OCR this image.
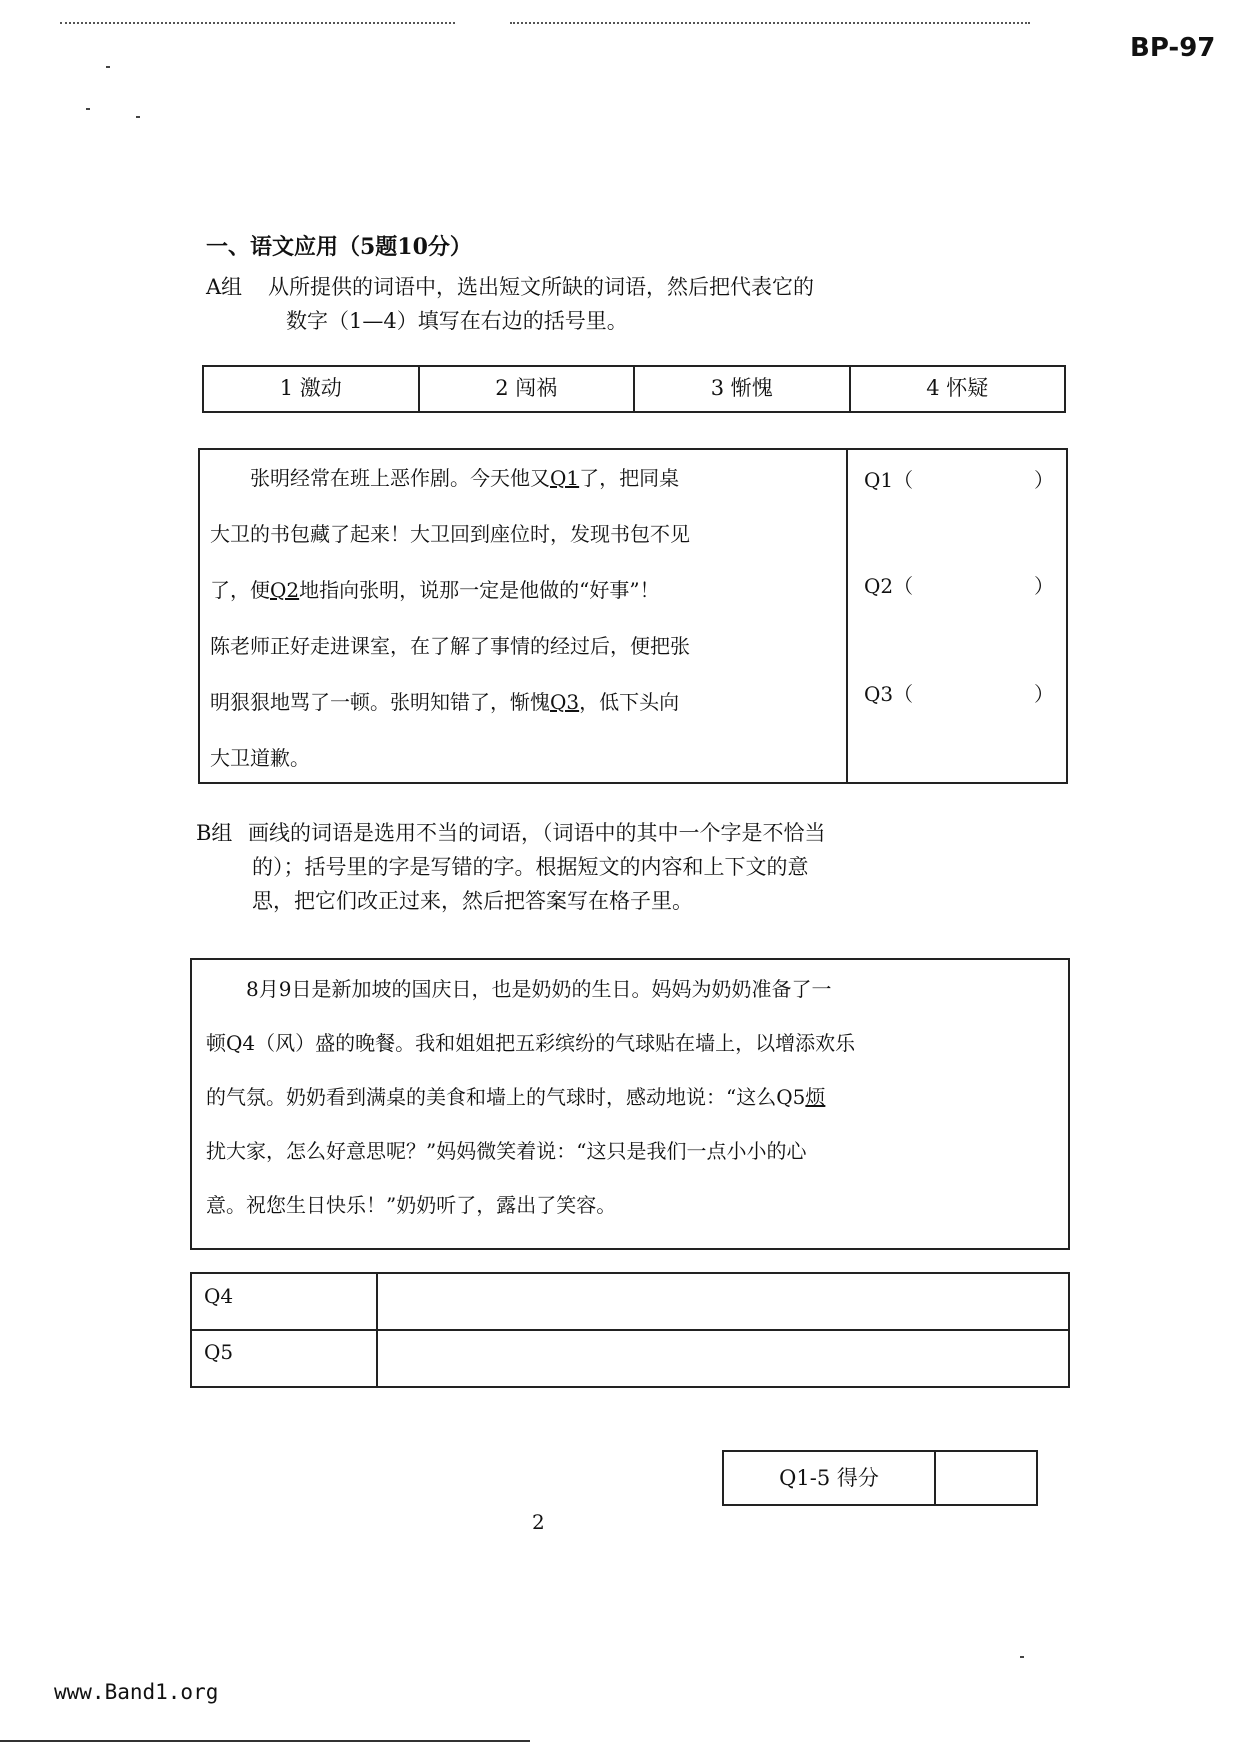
BP-97
一、语文应用（5题10分）
A组 从所提供的词语中，选出短文所缺的词语，然后把代表它的
数字（1—4）填写在右边的括号里。
1 激动	2 闯祸	3 惭愧	4 怀疑
张明经常在班上恶作剧。今天他又Q1了，把同桌
大卫的书包藏了起来！大卫回到座位时，发现书包不见
了，便Q2地指向张明，说那一定是他做的“好事”！
陈老师正好走进课室，在了解了事情的经过后，便把张
明狠狠地骂了一顿。张明知错了，惭愧Q3，低下头向
大卫道歉。
Q1（	）
Q2（	）
Q3（	）
B组 画线的词语是选用不当的词语，（词语中的其中一个字是不恰当
的）；括号里的字是写错的字。根据短文的内容和上下文的意
思，把它们改正过来，然后把答案写在格子里。
8月9日是新加坡的国庆日，也是奶奶的生日。妈妈为奶奶准备了一
顿Q4（风）盛的晚餐。我和姐姐把五彩缤纷的气球贴在墙上，以增添欢乐
的气氛。奶奶看到满桌的美食和墙上的气球时，感动地说：“这么Q5烦
扰大家，怎么好意思呢？”妈妈微笑着说：“这只是我们一点小小的心
意。祝您生日快乐！”奶奶听了，露出了笑容。
Q4
Q5
Q1-5 得分
2
www.Band1.org
